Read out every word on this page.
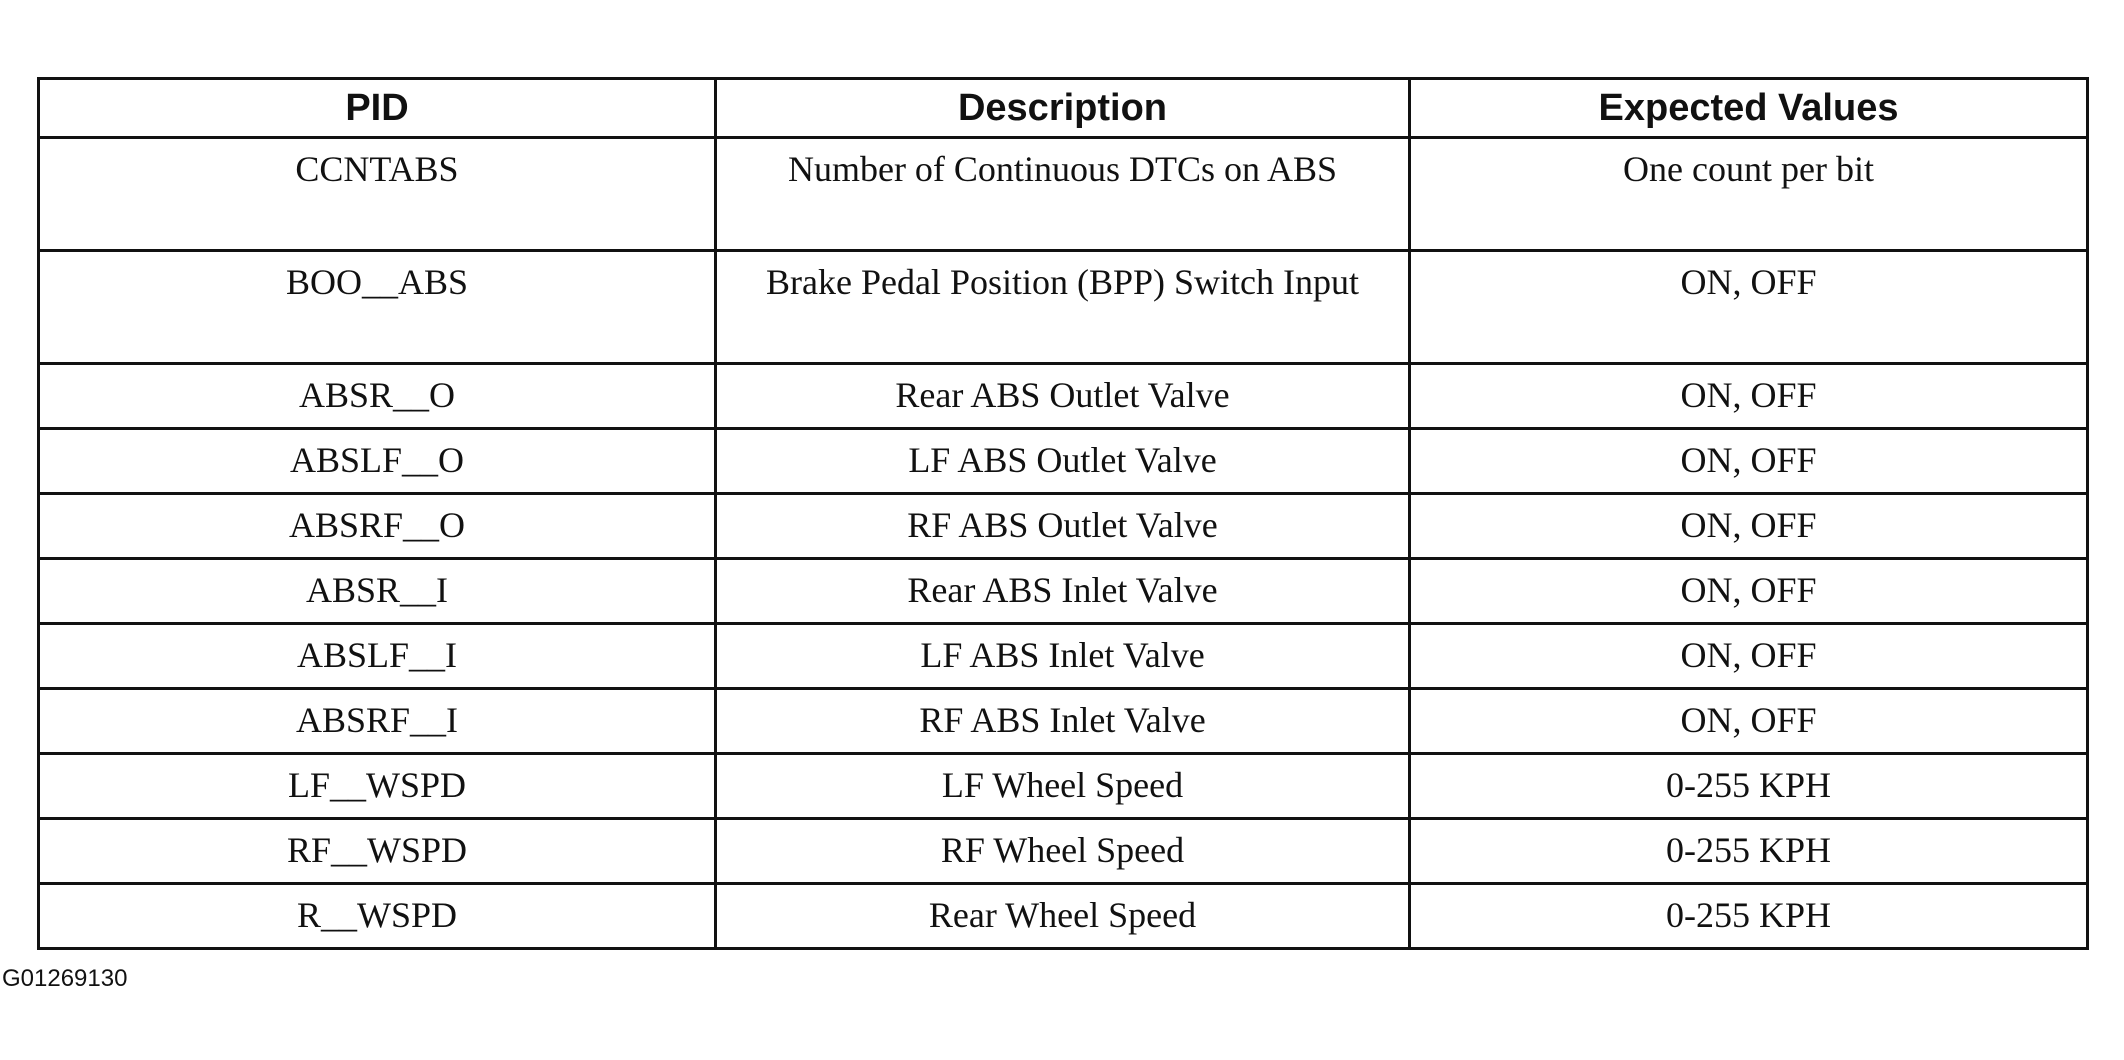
PID	Description	Expected Values
CCNTABS	Number of Continuous DTCs on ABS	One count per bit
BOO__ABS	Brake Pedal Position (BPP) Switch Input	ON, OFF
ABSR__O	Rear ABS Outlet Valve	ON, OFF
ABSLF__O	LF ABS Outlet Valve	ON, OFF
ABSRF__O	RF ABS Outlet Valve	ON, OFF
ABSR__I	Rear ABS Inlet Valve	ON, OFF
ABSLF__I	LF ABS Inlet Valve	ON, OFF
ABSRF__I	RF ABS Inlet Valve	ON, OFF
LF__WSPD	LF Wheel Speed	0-255 KPH
RF__WSPD	RF Wheel Speed	0-255 KPH
R__WSPD	Rear Wheel Speed	0-255 KPH
G01269130
